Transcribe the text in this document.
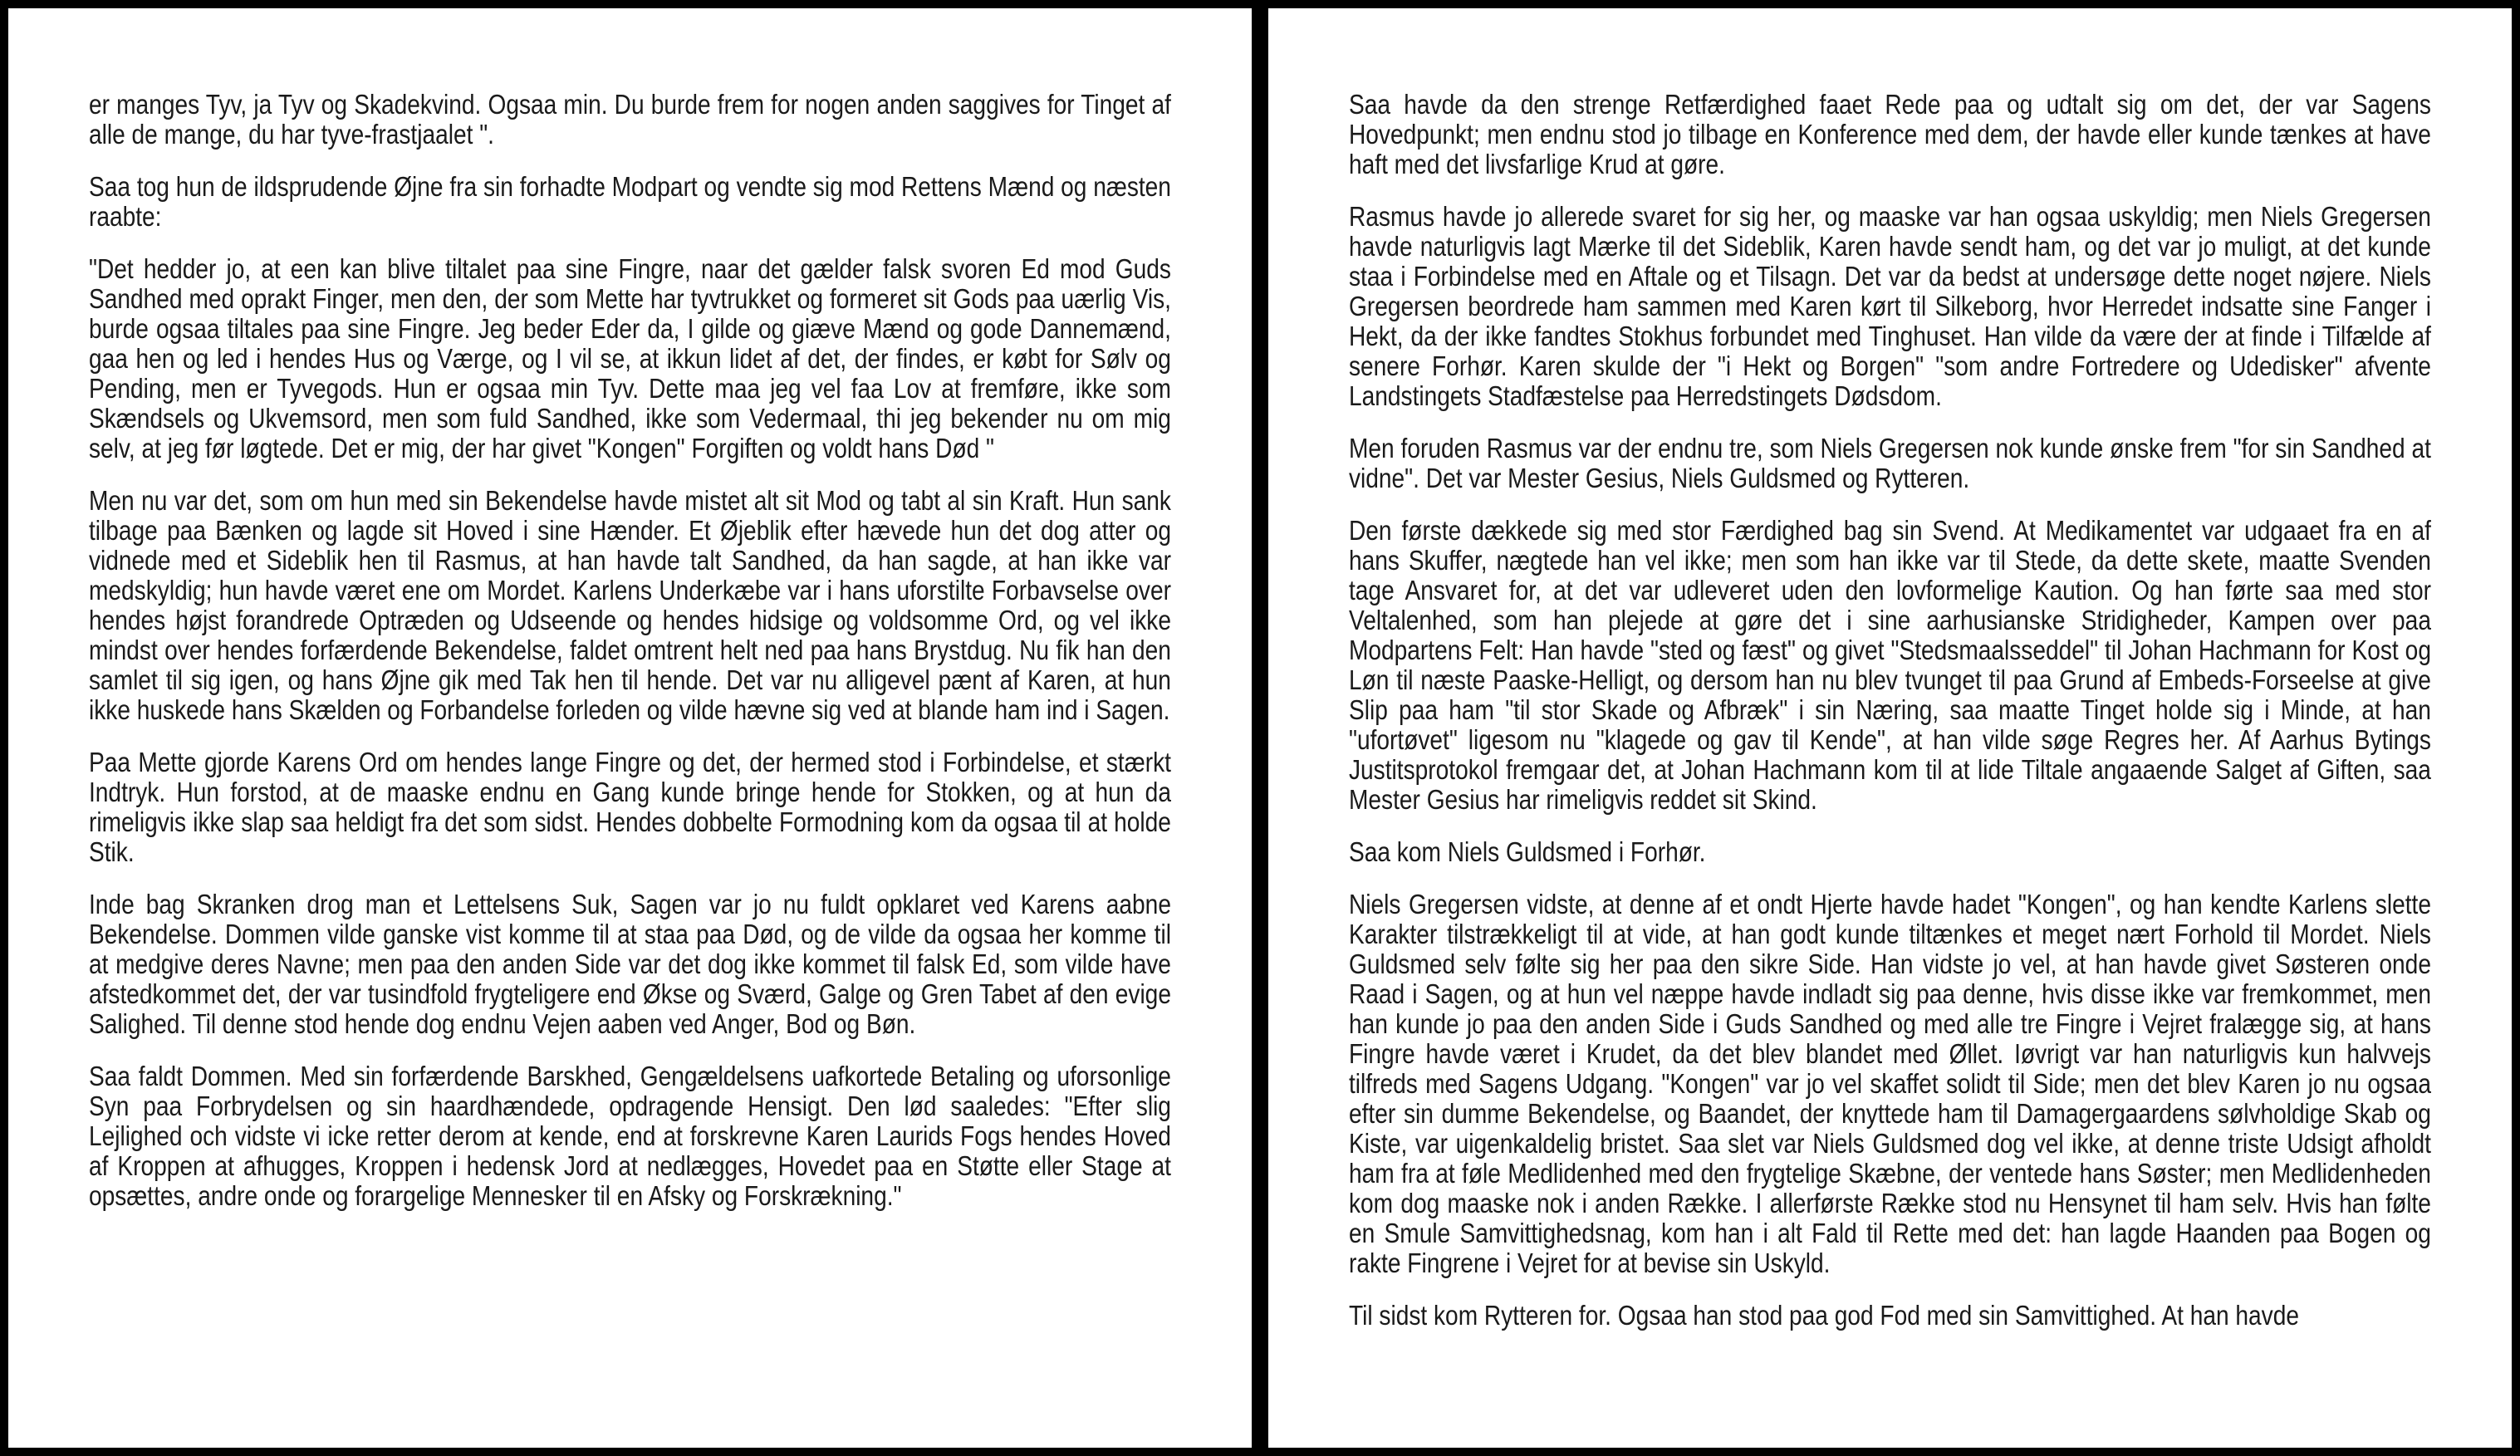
er manges Tyv, ja Tyv og Skadekvind. Ogsaa min. Du burde frem for nogen anden saggives for Tinget af alle de mange, du har tyve-frastjaalet ".

Saa tog hun de ildsprudende Øjne fra sin forhadte Modpart og vendte sig mod Rettens Mænd og næsten raabte:

"Det hedder jo, at een kan blive tiltalet paa sine Fingre, naar det gælder falsk svoren Ed mod Guds Sandhed med oprakt Finger, men den, der som Mette har tyvtrukket og formeret sit Gods paa uærlig Vis, burde ogsaa tiltales paa sine Fingre. Jeg beder Eder da, I gilde og giæve Mænd og gode Dannemænd, gaa hen og led i hendes Hus og Værge, og I vil se, at ikkun lidet af det, der findes, er købt for Sølv og Pending, men er Tyvegods. Hun er ogsaa min Tyv. Dette maa jeg vel faa Lov at fremføre, ikke som Skændsels og Ukvemsord, men som fuld Sandhed, ikke som Vedermaal, thi jeg bekender nu om mig selv, at jeg før løgtede. Det er mig, der har givet "Kongen" Forgiften og voldt hans Død "

Men nu var det, som om hun med sin Bekendelse havde mistet alt sit Mod og tabt al sin Kraft. Hun sank tilbage paa Bænken og lagde sit Hoved i sine Hænder. Et Øjeblik efter hævede hun det dog atter og vidnede med et Sideblik hen til Rasmus, at han havde talt Sandhed, da han sagde, at han ikke var medskyldig; hun havde været ene om Mordet. Karlens Underkæbe var i hans uforstilte Forbavselse over hendes højst forandrede Optræden og Udseende og hendes hidsige og voldsomme Ord, og vel ikke mindst over hendes forfærdende Bekendelse, faldet omtrent helt ned paa hans Brystdug. Nu fik han den samlet til sig igen, og hans Øjne gik med Tak hen til hende. Det var nu alligevel pænt af Karen, at hun ikke huskede hans Skælden og Forbandelse forleden og vilde hævne sig ved at blande ham ind i Sagen.

Paa Mette gjorde Karens Ord om hendes lange Fingre og det, der hermed stod i Forbindelse, et stærkt Indtryk. Hun forstod, at de maaske endnu en Gang kunde bringe hende for Stokken, og at hun da rimeligvis ikke slap saa heldigt fra det som sidst. Hendes dobbelte Formodning kom da ogsaa til at holde Stik.

Inde bag Skranken drog man et Lettelsens Suk, Sagen var jo nu fuldt opklaret ved Karens aabne Bekendelse. Dommen vilde ganske vist komme til at staa paa Død, og de vilde da ogsaa her komme til at medgive deres Navne; men paa den anden Side var det dog ikke kommet til falsk Ed, som vilde have afstedkommet det, der var tusindfold frygteligere end Økse og Sværd, Galge og Gren Tabet af den evige Salighed. Til denne stod hende dog endnu Vejen aaben ved Anger, Bod og Bøn.

Saa faldt Dommen. Med sin forfærdende Barskhed, Gengældelsens uafkortede Betaling og uforsonlige Syn paa Forbrydelsen og sin haardhændede, opdragende Hensigt. Den lød saaledes: "Efter slig Lejlighed och vidste vi icke retter derom at kende, end at forskrevne Karen Laurids Fogs hendes Hoved af Kroppen at afhugges, Kroppen i hedensk Jord at nedlægges, Hovedet paa en Støtte eller Stage at opsættes, andre onde og forargelige Mennesker til en Afsky og Forskrækning."

Saa havde da den strenge Retfærdighed faaet Rede paa og udtalt sig om det, der var Sagens Hovedpunkt; men endnu stod jo tilbage en Konference med dem, der havde eller kunde tænkes at have haft med det livsfarlige Krud at gøre.

Rasmus havde jo allerede svaret for sig her, og maaske var han ogsaa uskyldig; men Niels Gregersen havde naturligvis lagt Mærke til det Sideblik, Karen havde sendt ham, og det var jo muligt, at det kunde staa i Forbindelse med en Aftale og et Tilsagn. Det var da bedst at undersøge dette noget nøjere. Niels Gregersen beordrede ham sammen med Karen kørt til Silkeborg, hvor Herredet indsatte sine Fanger i Hekt, da der ikke fandtes Stokhus forbundet med Tinghuset. Han vilde da være der at finde i Tilfælde af senere Forhør. Karen skulde der "i Hekt og Borgen" "som andre Fortredere og Udedisker" afvente Landstingets Stadfæstelse paa Herredstingets Dødsdom.

Men foruden Rasmus var der endnu tre, som Niels Gregersen nok kunde ønske frem "for sin Sandhed at vidne". Det var Mester Gesius, Niels Guldsmed og Rytteren.

Den første dækkede sig med stor Færdighed bag sin Svend. At Medikamentet var udgaaet fra en af hans Skuffer, nægtede han vel ikke; men som han ikke var til Stede, da dette skete, maatte Svenden tage Ansvaret for, at det var udleveret uden den lovformelige Kaution. Og han førte saa med stor Veltalenhed, som han plejede at gøre det i sine aarhusianske Stridigheder, Kampen over paa Modpartens Felt: Han havde "sted og fæst" og givet "Stedsmaalsseddel" til Johan Hachmann for Kost og Løn til næste Paaske-Helligt, og dersom han nu blev tvunget til paa Grund af Embeds-Forseelse at give Slip paa ham "til stor Skade og Afbræk" i sin Næring, saa maatte Tinget holde sig i Minde, at han "ufortøvet" ligesom nu "klagede og gav til Kende", at han vilde søge Regres her. Af Aarhus Bytings Justitsprotokol fremgaar det, at Johan Hachmann kom til at lide Tiltale angaaende Salget af Giften, saa Mester Gesius har rimeligvis reddet sit Skind.

Saa kom Niels Guldsmed i Forhør.

Niels Gregersen vidste, at denne af et ondt Hjerte havde hadet "Kongen", og han kendte Karlens slette Karakter tilstrækkeligt til at vide, at han godt kunde tiltænkes et meget nært Forhold til Mordet. Niels Guldsmed selv følte sig her paa den sikre Side. Han vidste jo vel, at han havde givet Søsteren onde Raad i Sagen, og at hun vel næppe havde indladt sig paa denne, hvis disse ikke var fremkommet, men han kunde jo paa den anden Side i Guds Sandhed og med alle tre Fingre i Vejret fralægge sig, at hans Fingre havde været i Krudet, da det blev blandet med Øllet. Iøvrigt var han naturligvis kun halvvejs tilfreds med Sagens Udgang. "Kongen" var jo vel skaffet solidt til Side; men det blev Karen jo nu ogsaa efter sin dumme Bekendelse, og Baandet, der knyttede ham til Damagergaardens sølvholdige Skab og Kiste, var uigenkaldelig bristet. Saa slet var Niels Guldsmed dog vel ikke, at denne triste Udsigt afholdt ham fra at føle Medlidenhed med den frygtelige Skæbne, der ventede hans Søster; men Medlidenheden kom dog maaske nok i anden Række. I allerførste Række stod nu Hensynet til ham selv. Hvis han følte en Smule Samvittighedsnag, kom han i alt Fald til Rette med det: han lagde Haanden paa Bogen og rakte Fingrene i Vejret for at bevise sin Uskyld.

Til sidst kom Rytteren for. Ogsaa han stod paa god Fod med sin Samvittighed. At han havde
